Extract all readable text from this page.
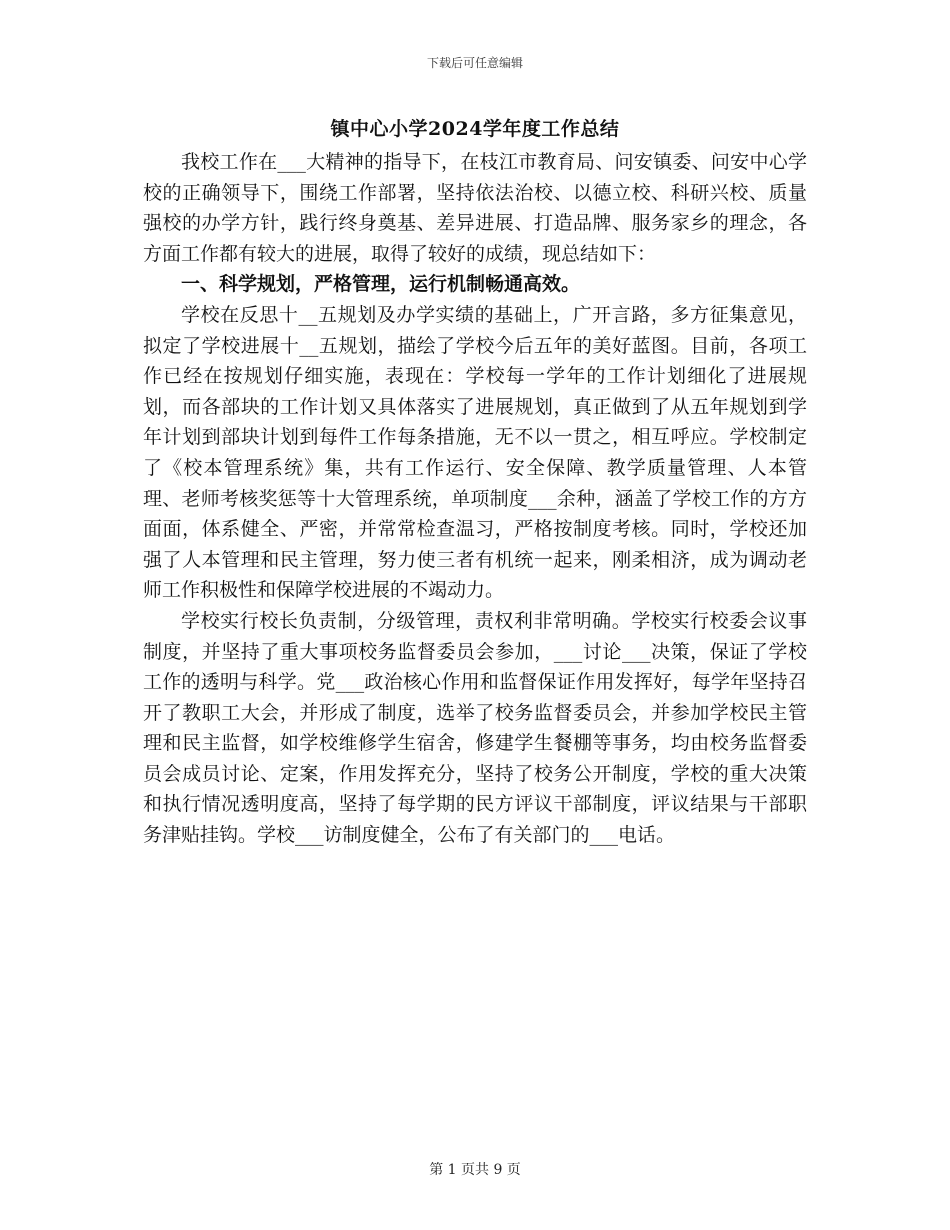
下载后可任意编辑
镇中心小学2024学年度工作总结

我校工作在___大精神的指导下，在枝江市教育局、问安镇委、问安中心学校的正确领导下，围绕工作部署，坚持依法治校、以德立校、科研兴校、质量强校的办学方针，践行终身奠基、差异进展、打造品牌、服务家乡的理念，各方面工作都有较大的进展，取得了较好的成绩，现总结如下：

一、科学规划，严格管理，运行机制畅通高效。

学校在反思十__五规划及办学实绩的基础上，广开言路，多方征集意见，拟定了学校进展十__五规划，描绘了学校今后五年的美好蓝图。目前，各项工作已经在按规划仔细实施，表现在：学校每一学年的工作计划细化了进展规划，而各部块的工作计划又具体落实了进展规划，真正做到了从五年规划到学年计划到部块计划到每件工作每条措施，无不以一贯之，相互呼应。学校制定了《校本管理系统》集，共有工作运行、安全保障、教学质量管理、人本管理、老师考核奖惩等十大管理系统，单项制度___余种，涵盖了学校工作的方方面面，体系健全、严密，并常常检查温习，严格按制度考核。同时，学校还加强了人本管理和民主管理，努力使三者有机统一起来，刚柔相济，成为调动老师工作积极性和保障学校进展的不竭动力。

学校实行校长负责制，分级管理，责权利非常明确。学校实行校委会议事制度，并坚持了重大事项校务监督委员会参加，___讨论___决策，保证了学校工作的透明与科学。党___政治核心作用和监督保证作用发挥好，每学年坚持召开了教职工大会，并形成了制度，选举了校务监督委员会，并参加学校民主管理和民主监督，如学校维修学生宿舍，修建学生餐棚等事务，均由校务监督委员会成员讨论、定案，作用发挥充分，坚持了校务公开制度，学校的重大决策和执行情况透明度高，坚持了每学期的民方评议干部制度，评议结果与干部职务津贴挂钩。学校___访制度健全，公布了有关部门的___电话。

第 1 页共 9 页
